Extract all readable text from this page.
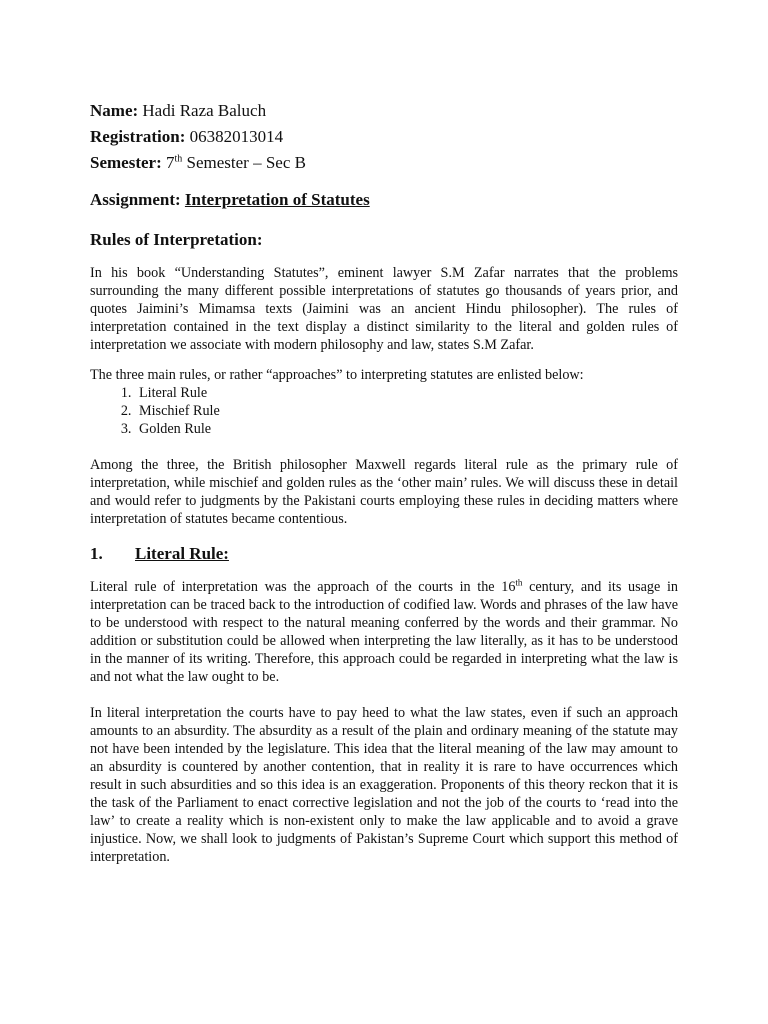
Name: Hadi Raza Baluch

Registration: 06382013014

Semester: 7th Semester – Sec B

Assignment: Interpretation of Statutes

Rules of Interpretation:

In his book “Understanding Statutes”, eminent lawyer S.M Zafar narrates that the problems surrounding the many different possible interpretations of statutes go thousands of years prior, and quotes Jaimini’s Mimamsa texts (Jaimini was an ancient Hindu philosopher). The rules of interpretation contained in the text display a distinct similarity to the literal and golden rules of interpretation we associate with modern philosophy and law, states S.M Zafar.

The three main rules, or rather “approaches” to interpreting statutes are enlisted below:

1. Literal Rule
2. Mischief Rule
3. Golden Rule

Among the three, the British philosopher Maxwell regards literal rule as the primary rule of interpretation, while mischief and golden rules as the ‘other main’ rules. We will discuss these in detail and would refer to judgments by the Pakistani courts employing these rules in deciding matters where interpretation of statutes became contentious.

1.	Literal Rule:

Literal rule of interpretation was the approach of the courts in the 16th century, and its usage in interpretation can be traced back to the introduction of codified law. Words and phrases of the law have to be understood with respect to the natural meaning conferred by the words and their grammar. No addition or substitution could be allowed when interpreting the law literally, as it has to be understood in the manner of its writing. Therefore, this approach could be regarded in interpreting what the law is and not what the law ought to be.

In literal interpretation the courts have to pay heed to what the law states, even if such an approach amounts to an absurdity. The absurdity as a result of the plain and ordinary meaning of the statute may not have been intended by the legislature. This idea that the literal meaning of the law may amount to an absurdity is countered by another contention, that in reality it is rare to have occurrences which result in such absurdities and so this idea is an exaggeration. Proponents of this theory reckon that it is the task of the Parliament to enact corrective legislation and not the job of the courts to ‘read into the law’ to create a reality which is non-existent only to make the law applicable and to avoid a grave injustice. Now, we shall look to judgments of Pakistan’s Supreme Court which support this method of interpretation.
